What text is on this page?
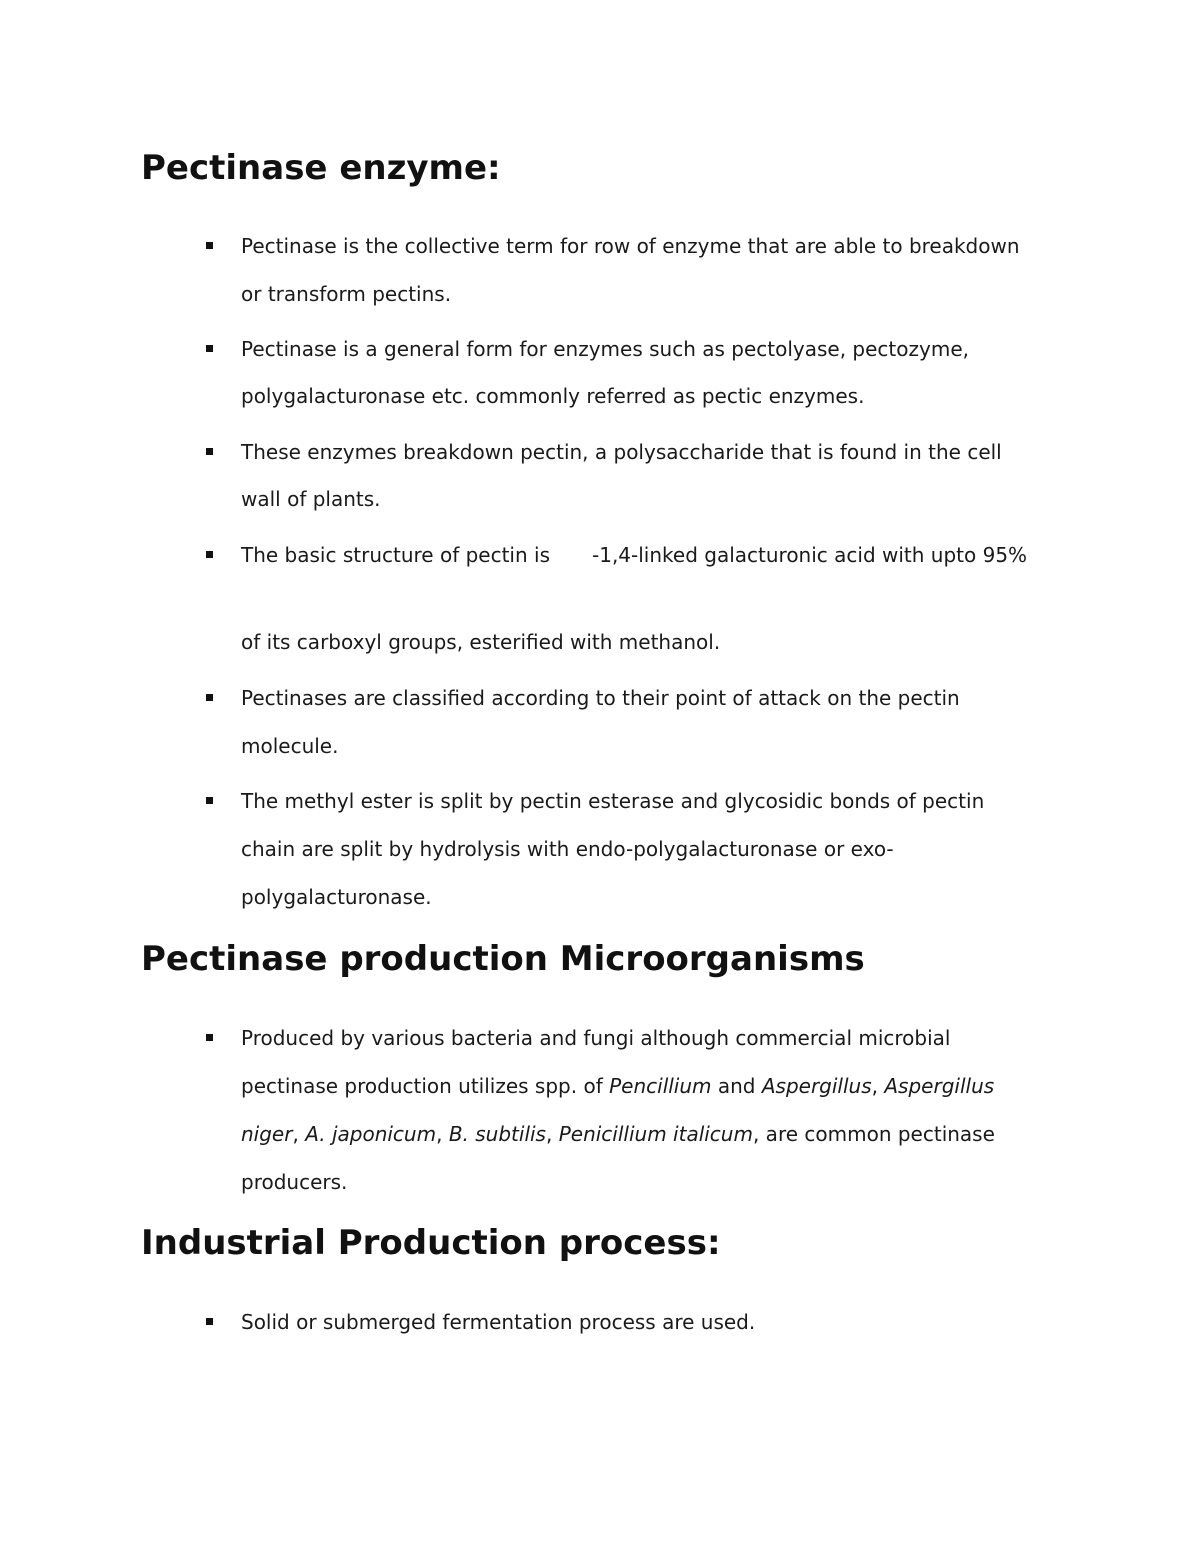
Pectinase enzyme:
Pectinase is the collective term for row of enzyme that are able to breakdown
or transform pectins.
Pectinase is a general form for enzymes such as pectolyase, pectozyme,
polygalacturonase etc. commonly referred as pectic enzymes.
These enzymes breakdown pectin, a polysaccharide that is found in the cell
wall of plants.
The basic structure of pectin is -1,4-linked galacturonic acid with upto 95%
of its carboxyl groups, esterified with methanol.
Pectinases are classified according to their point of attack on the pectin
molecule.
The methyl ester is split by pectin esterase and glycosidic bonds of pectin
chain are split by hydrolysis with endo-polygalacturonase or exo-
polygalacturonase.
Pectinase production Microorganisms
Produced by various bacteria and fungi although commercial microbial
pectinase production utilizes spp. of Pencillium and Aspergillus, Aspergillus
niger, A. japonicum, B. subtilis, Penicillium italicum, are common pectinase
producers.
Industrial Production process:
Solid or submerged fermentation process are used.
